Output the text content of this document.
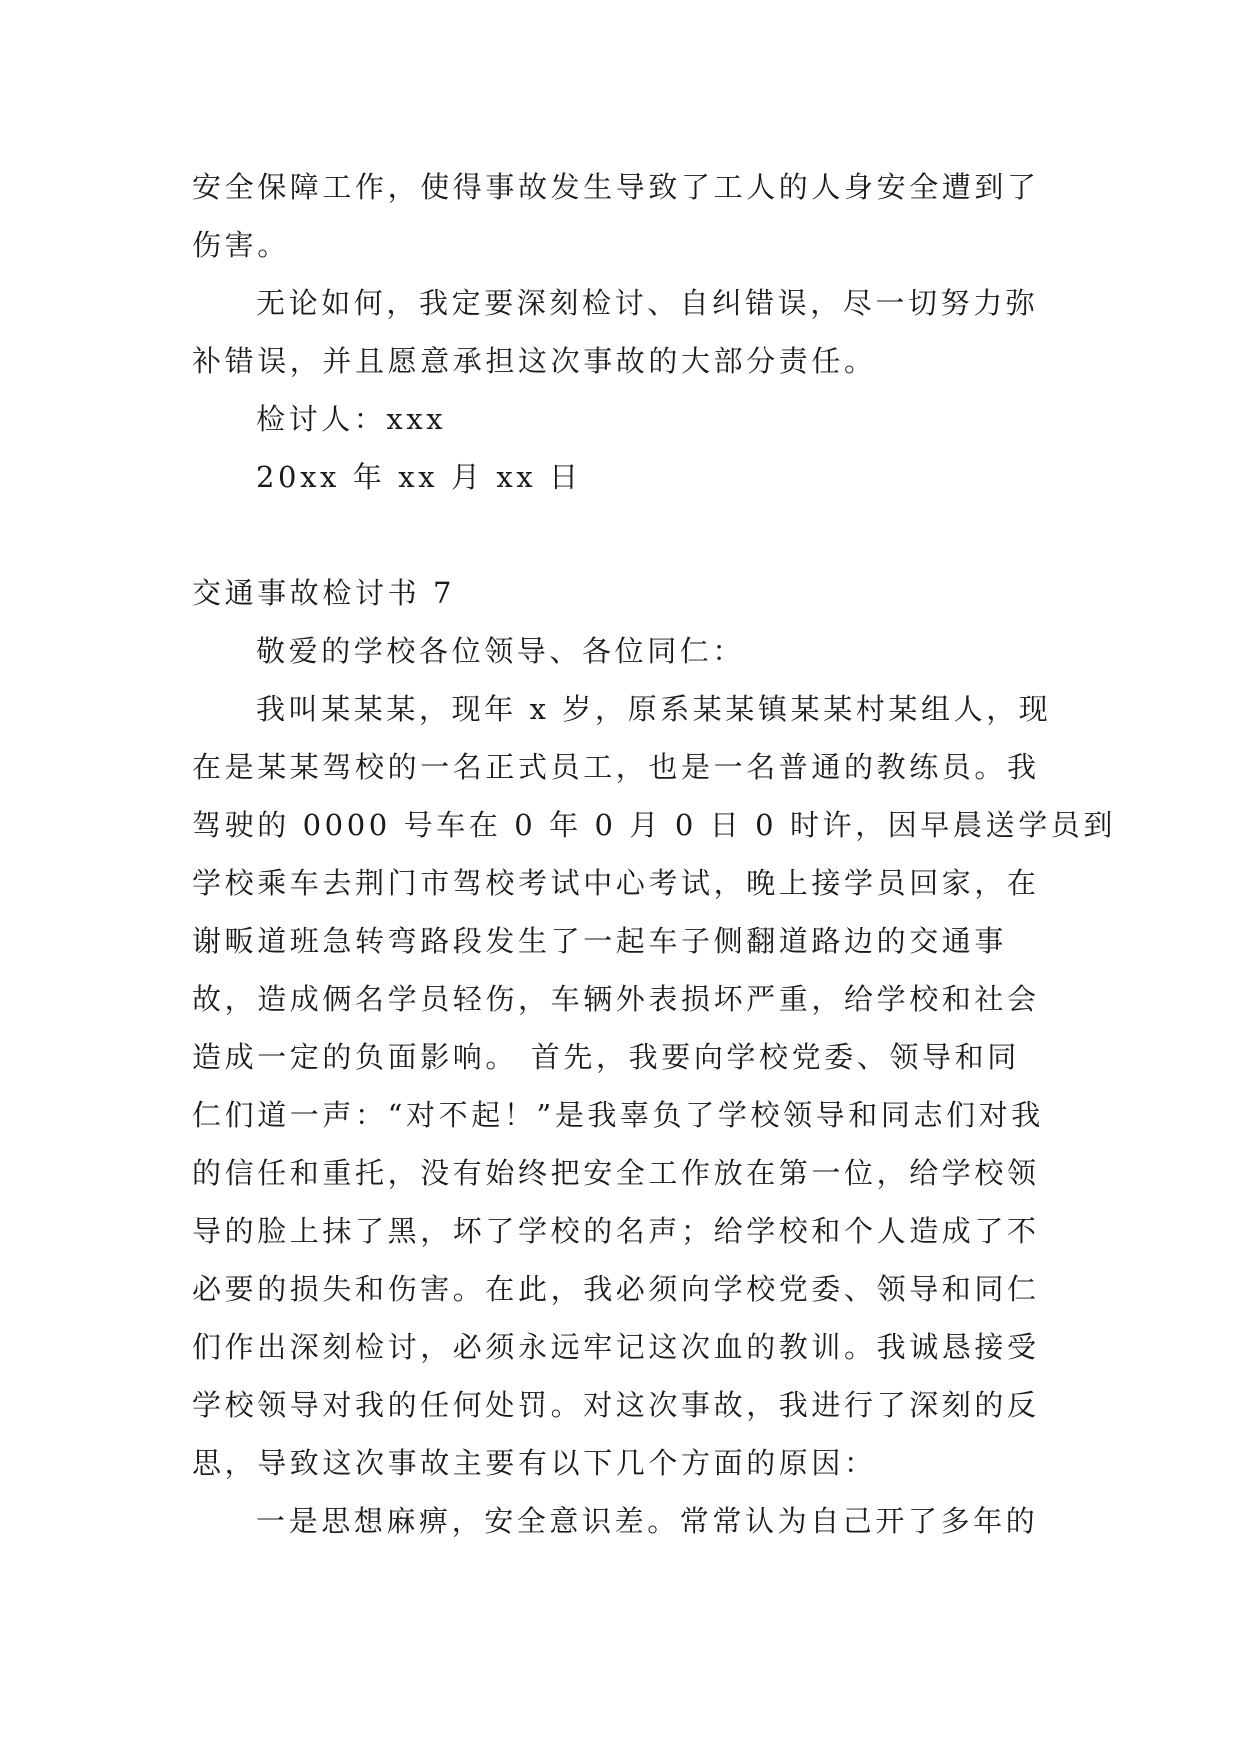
安全保障工作，使得事故发生导致了工人的人身安全遭到了
伤害。
无论如何，我定要深刻检讨、自纠错误，尽一切努力弥
补错误，并且愿意承担这次事故的大部分责任。
检讨人：xxx
20xx 年 xx 月 xx 日
交通事故检讨书 7
敬爱的学校各位领导、各位同仁：
我叫某某某，现年 x 岁，原系某某镇某某村某组人，现
在是某某驾校的一名正式员工，也是一名普通的教练员。我
驾驶的 0000 号车在 0 年 0 月 0 日 0 时许，因早晨送学员到
学校乘车去荆门市驾校考试中心考试，晚上接学员回家，在
谢畈道班急转弯路段发生了一起车子侧翻道路边的交通事
故，造成俩名学员轻伤，车辆外表损坏严重，给学校和社会
造成一定的负面影响。 首先，我要向学校党委、领导和同
仁们道一声：“对不起！”是我辜负了学校领导和同志们对我
的信任和重托，没有始终把安全工作放在第一位，给学校领
导的脸上抹了黑，坏了学校的名声；给学校和个人造成了不
必要的损失和伤害。在此，我必须向学校党委、领导和同仁
们作出深刻检讨，必须永远牢记这次血的教训。我诚恳接受
学校领导对我的任何处罚。对这次事故，我进行了深刻的反
思，导致这次事故主要有以下几个方面的原因：
一是思想麻痹，安全意识差。常常认为自己开了多年的
